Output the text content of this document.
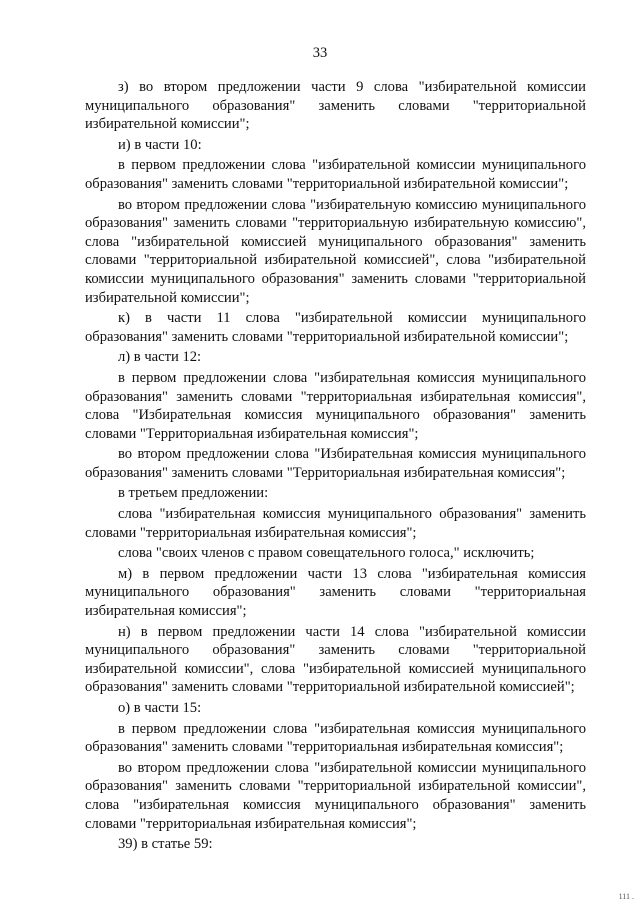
33

з) во втором предложении части 9 слова "избирательной комиссии муниципального образования" заменить словами "территориальной избирательной комиссии";

и) в части 10:

в первом предложении слова "избирательной комиссии муниципального образования" заменить словами "территориальной избирательной комиссии";

во втором предложении слова "избирательную комиссию муниципального образования" заменить словами "территориальную избирательную комиссию", слова "избирательной комиссией муниципального образования" заменить словами "территориальной избирательной комиссией", слова "избирательной комиссии муниципального образования" заменить словами "территориальной избирательной комиссии";

к) в части 11 слова "избирательной комиссии муниципального образования" заменить словами "территориальной избирательной комиссии";

л) в части 12:

в первом предложении слова "избирательная комиссия муниципального образования" заменить словами "территориальная избирательная комиссия", слова "Избирательная комиссия муниципального образования" заменить словами "Территориальная избирательная комиссия";

во втором предложении слова "Избирательная комиссия муниципального образования" заменить словами "Территориальная избирательная комиссия";

в третьем предложении:

слова "избирательная комиссия муниципального образования" заменить словами "территориальная избирательная комиссия";

слова "своих членов с правом совещательного голоса," исключить;

м) в первом предложении части 13 слова "избирательная комиссия муниципального образования" заменить словами "территориальная избирательная комиссия";

н) в первом предложении части 14 слова "избирательной комиссии муниципального образования" заменить словами "территориальной избирательной комиссии", слова "избирательной комиссией муниципального образования" заменить словами "территориальной избирательной комиссией";

о) в части 15:

в первом предложении слова "избирательная комиссия муниципального образования" заменить словами "территориальная избирательная комиссия";

во втором предложении слова "избирательной комиссии муниципального образования" заменить словами "территориальной избирательной комиссии", слова "избирательная комиссия муниципального образования" заменить словами "территориальная избирательная комиссия";

39) в статье 59:

111 .
